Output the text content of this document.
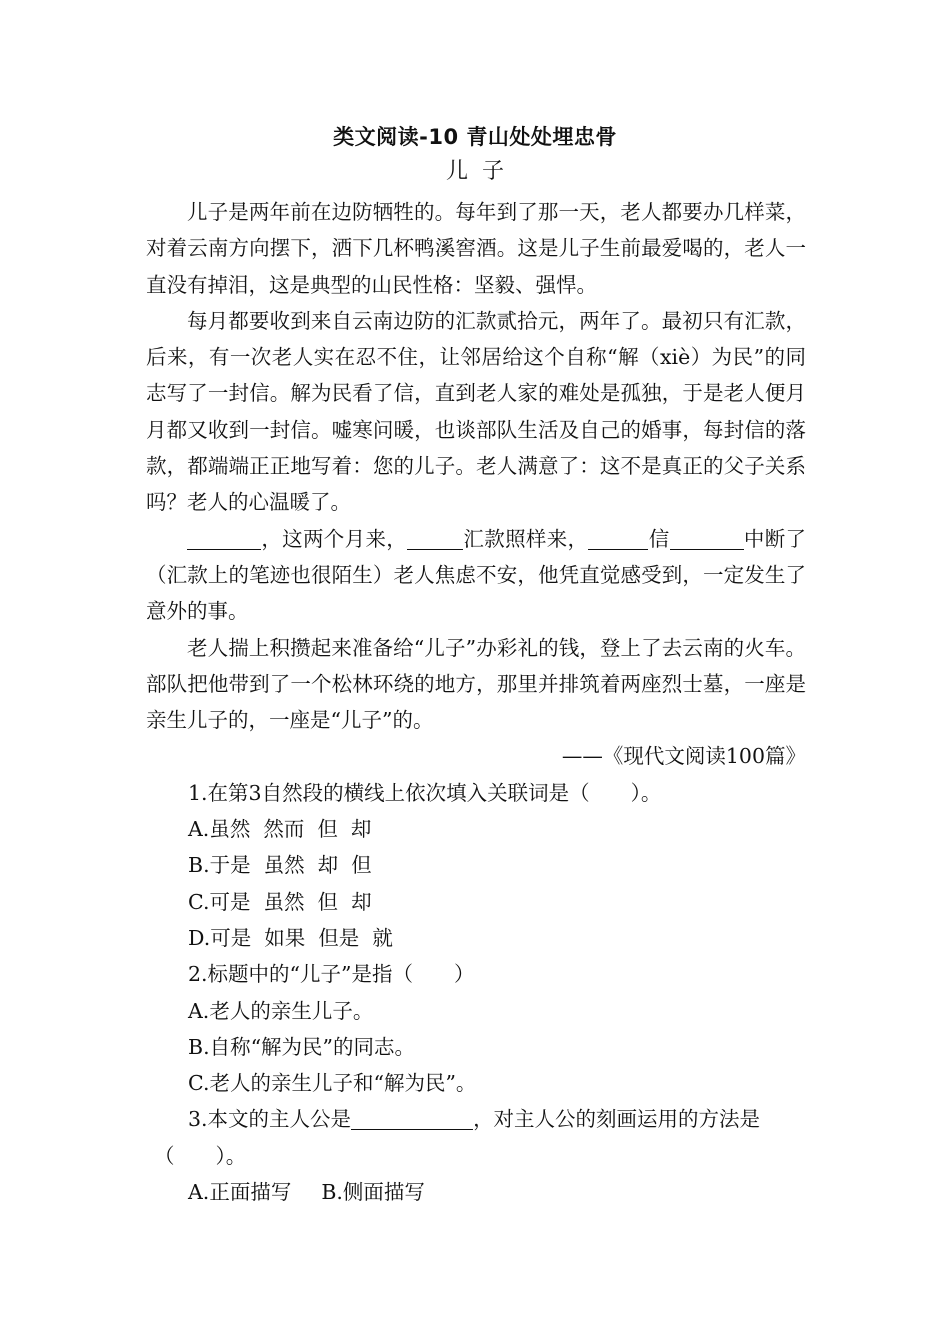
类文阅读-10 青山处处埋忠骨
儿子

儿子是两年前在边防牺牲的。每年到了那一天，老人都要办几样菜，对着云南方向摆下，洒下几杯鸭溪窖酒。这是儿子生前最爱喝的，老人一直没有掉泪，这是典型的山民性格：坚毅、强悍。

每月都要收到来自云南边防的汇款贰拾元，两年了。最初只有汇款，后来，有一次老人实在忍不住，让邻居给这个自称“解（xiè）为民”的同志写了一封信。解为民看了信，直到老人家的难处是孤独，于是老人便月月都又收到一封信。嘘寒问暖，也谈部队生活及自己的婚事，每封信的落款，都端端正正地写着：您的儿子。老人满意了：这不是真正的父子关系吗？老人的心温暖了。

，这两个月来，	汇款照样来，	信	中断了（汇款上的笔迹也很陌生）老人焦虑不安，他凭直觉感受到，一定发生了意外的事。

老人揣上积攒起来准备给“儿子”办彩礼的钱，登上了去云南的火车。部队把他带到了一个松林环绕的地方，那里并排筑着两座烈士墓，一座是亲生儿子的，一座是“儿子”的。

——《现代文阅读100篇》

1.在第3自然段的横线上依次填入关联词是（　　）。

A.虽然  然而  但  却

B.于是  虽然  却  但

C.可是  虽然  但  却

D.可是  如果  但是  就

2.标题中的“儿子”是指（　　）

A.老人的亲生儿子。

B.自称“解为民”的同志。

C.老人的亲生儿子和“解为民”。

3.本文的主人公是	，对主人公的刻画运用的方法是

（　　）。

A.正面描写 B.侧面描写
